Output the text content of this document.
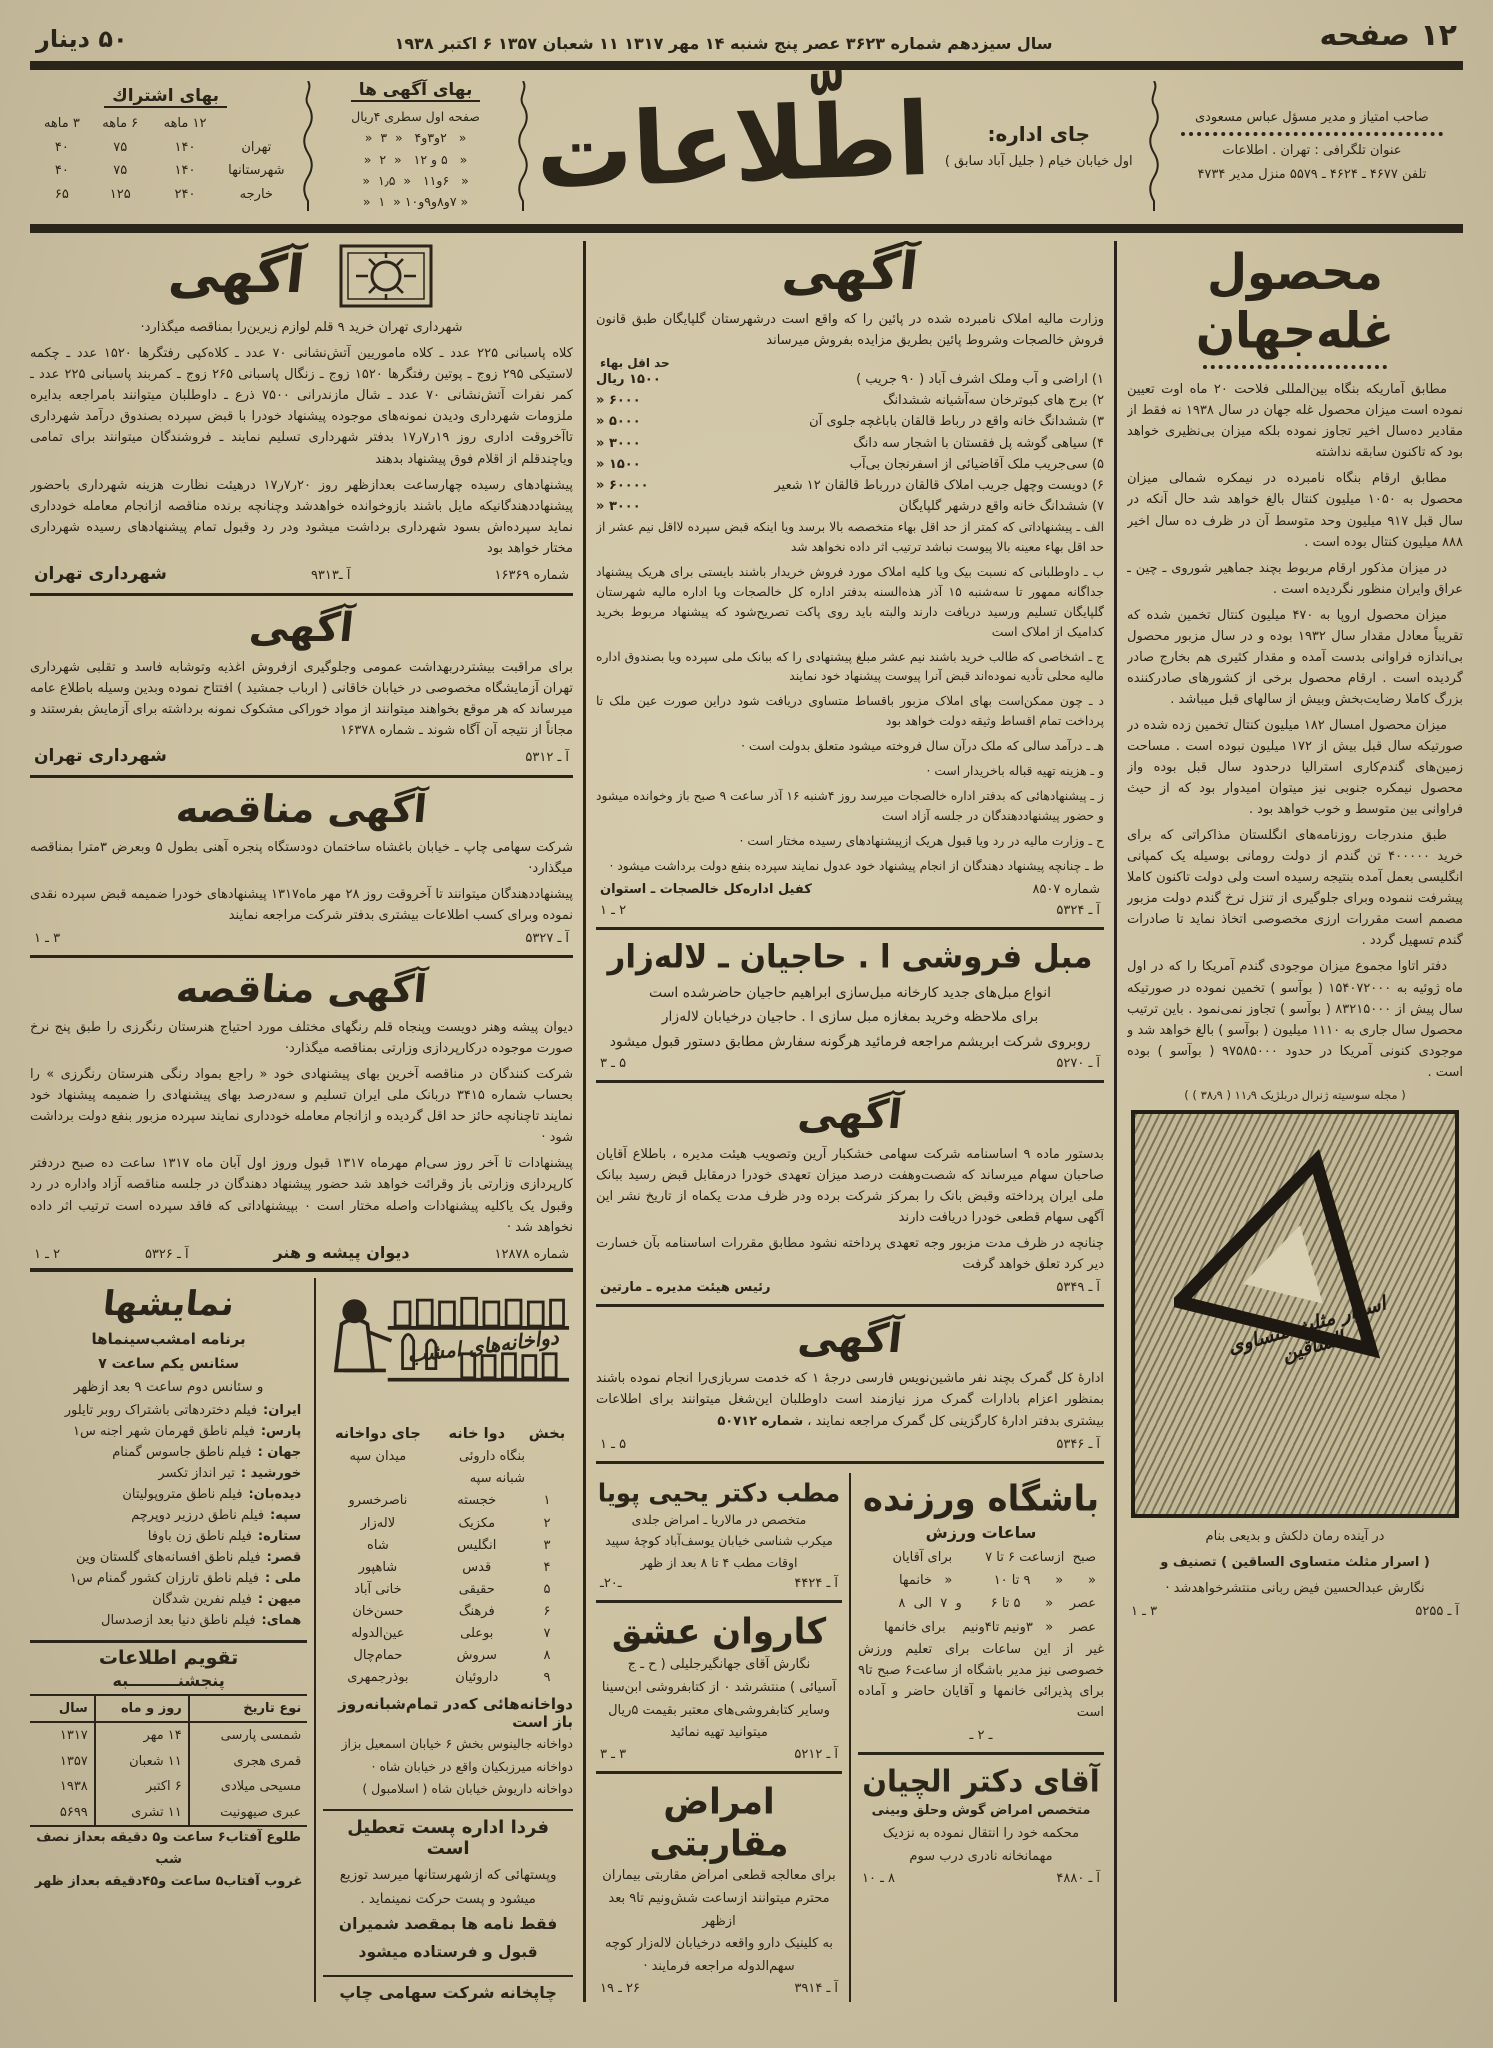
۱۲ صفحه
سال سیزدهم شماره ۳۶۲۳ عصر پنج شنبه ۱۴ مهر ۱۳۱۷ ۱۱ شعبان ۱۳۵۷ ۶ اکتبر ۱۹۳۸
۵۰ دینار
صاحب امتیاز و مدیر مسؤل عباس مسعودی
عنوان تلگرافی : تهران . اطلاعات
تلفن ۴۶۷۷ ـ ۴۶۲۴ ـ ۵۵۷۹ منزل مدیر ۴۷۳۴
جای اداره:
اول خیابان خیام ( جلیل آباد سابق )
اطّلاعات
بهای آگهی ها
صفحه اول سطری ۴ریال
«   ۲و۳و۴   «  ۳  «
«   ۵ و ۱۲   «  ۲  «
«   ۶و۱۱   «  ۱٫۵  «
« ۷و۸و۹و۱۰ «  ۱  «
بهای اشتراك
۱۲ ماهه
۶ ماهه
۳ ماهه
تهران
۱۴۰
۷۵
۴۰
شهرستانها
۱۴۰
۷۵
۴۰
خارجه
۲۴۰
۱۲۵
۶۵
محصول غله‌جهان

مطابق آماریکه بنگاه بین‌المللی فلاحت ۲۰ ماه اوت تعیین نموده است میزان محصول غله جهان در سال ۱۹۳۸ نه فقط از مقادیر ده‌سال اخیر تجاوز نموده بلکه میزان بی‌نظیری خواهد بود که تاکنون سابقه نداشته

مطابق ارقام بنگاه نامبرده در نیمکره شمالی میزان محصول به ۱۰۵۰ میلیون کنتال بالغ خواهد شد حال آنکه در سال قبل ۹۱۷ میلیون وحد متوسط آن در ظرف ده سال اخیر ۸۸۸ میلیون کنتال بوده است .

در میزان مذکور ارقام مربوط بچند جماهیر شوروی ـ چین ـ عراق وایران منظور نگردیده است .

میزان محصول اروپا به ۴۷۰ میلیون کنتال تخمین شده که تقریباً معادل مقدار سال ۱۹۳۲ بوده و در سال مزبور محصول بی‌اندازه فراوانی بدست آمده و مقدار کثیری هم بخارج صادر گردیده است . ارقام محصول برخی از کشورهای صادرکننده بزرگ کاملا رضایت‌بخش وبیش از سالهای قبل میباشد .

میزان محصول امسال ۱۸۲ میلیون کنتال تخمین زده شده در صورتیکه سال قبل بیش از ۱۷۲ میلیون نبوده است . مساحت زمین‌های گندم‌کاری استرالیا درحدود سال قبل بوده واز محصول نیمکره جنوبی نیز میتوان امیدوار بود که از حیث فراوانی بین متوسط و خوب خواهد بود .

طبق مندرجات روزنامه‌های انگلستان مذاکراتی که برای خرید ۴۰۰۰۰۰ تن گندم از دولت رومانی بوسیله یک کمپانی انگلیسی بعمل آمده بنتیجه رسیده است ولی دولت تاکنون کاملا پیشرفت ننموده وبرای جلوگیری از تنزل نرخ گندم دولت مزبور مصمم است مقررات ارزی مخصوصی اتخاذ نماید تا صادرات گندم تسهیل گردد .

دفتر اتاوا مجموع میزان موجودی گندم آمریکا را که در اول ماه ژوئیه به ۱۵۴۰۷۲۰۰۰ ( بوآسو ) تخمین نموده در صورتیکه سال پیش از ۸۳۲۱۵۰۰۰ ( بوآسو ) تجاوز نمی‌نمود . باین ترتیب محصول سال جاری به ۱۱۱۰ میلیون ( بوآسو ) بالغ خواهد شد و موجودی کنونی آمریکا در حدود ۹۷۵۸۵۰۰۰ ( بوآسو ) بوده است .

( مجله سوسیته ژنرال دربلژیک ۱۱٫۹ ( ۳۸٫۹ ) )
اسرار مثلث متساوی الساقین

در آینده رمان دلکش و بدیعی بنام

( اسرار مثلث متساوی الساقین ) تصنیف و

نگارش عبدالحسین فیض ربانی منتشرخواهدشد ·

آ ـ ۵۲۵۵
۳ ـ ۱
آگهی

وزارت مالیه املاک نامبرده شده در پائین را که واقع است درشهرستان گلپایگان طبق قانون فروش خالصجات وشروط پائین بطریق مزایده بفروش میرساند

حد اقل بهاء
۱) اراضی و آب وملک اشرف آباد ( ۹۰ جریب )
۱۵۰۰ ریال
۲) برج های کبوترخان سه‌آشیانه ششدانگ
۶۰۰۰ «
۳) ششدانگ خانه واقع در رباط قالقان باباغچه جلوی آن
۵۰۰۰ «
۴) سیاهی گوشه پل فقستان با اشجار سه دانگ
۳۰۰۰ «
۵) سی‌جریب ملک آقاضیائی از اسفرنجان بی‌آب
۱۵۰۰ «
۶) دویست وچهل جریب املاک قالقان دررباط قالقان ۱۲ شعیر
۶۰۰۰۰ «
۷) ششدانگ خانه واقع درشهر گلپایگان
۳۰۰۰ «

الف ـ پیشنهاداتی که کمتر از حد اقل بهاء متخصصه بالا برسد ویا اینکه قبض سپرده لااقل نیم عشر از حد اقل بهاء معینه بالا پیوست نباشد ترتیب اثر داده نخواهد شد

ب ـ داوطلبانی که نسبت بیک ویا کلیه املاک مورد فروش خریدار باشند بایستی برای هریک پیشنهاد جداگانه ممهور تا سه‌شنبه ۱۵ آذر هذه‌السنه بدفتر اداره کل خالصجات ویا اداره مالیه شهرستان گلپایگان تسلیم ورسید دریافت دارند والبته باید روی پاکت تصریح‌شود که پیشنهاد مربوط بخرید کدامیک از املاک است

ج ـ اشخاصی که طالب خرید باشند نیم عشر مبلغ پیشنهادی را که ببانک ملی سپرده ویا بصندوق اداره مالیه محلی تأدیه نموده‌اند قبض آنرا پیوست پیشنهاد خود نمایند

د ـ چون ممکن‌است بهای املاک مزبور باقساط متساوی دریافت شود دراین صورت عین ملک تا پرداخت تمام اقساط وثیقه دولت خواهد بود

هـ ـ درآمد سالی که ملک درآن سال فروخته میشود متعلق بدولت است ·

و ـ هزینه تهیه قباله باخریدار است ·

ز ـ پیشنهادهائی که بدفتر اداره خالصجات میرسد روز ۴شنبه ۱۶ آذر ساعت ۹ صبح باز وخوانده میشود و حضور پیشنهاددهندگان در جلسه آزاد است

ح ـ وزارت مالیه در رد ویا قبول هریک ازپیشنهادهای رسیده مختار است ·

ط ـ چنانچه پیشنهاد دهندگان از انجام پیشنهاد خود عدول نمایند سپرده بنفع دولت برداشت میشود ·

شماره ۸۵۰۷
کفیل اداره‌کل خالصجات ـ استوان
آ ـ ۵۳۲۴
۲ ـ ۱
مبل فروشی ا . حاجیان ـ لاله‌زار
انواع مبل‌های جدید کارخانه مبل‌سازی ابراهیم حاجیان حاضرشده است
برای ملاحظه وخرید بمغازه مبل سازی ا . حاجیان درخیابان لاله‌زار
روبروی شرکت ابریشم مراجعه فرمائید هرگونه سفارش مطابق دستور قبول میشود
آ ـ ۵۲۷۰
۵ ـ ۳
آگهی

بدستور ماده ۹ اساسنامه شرکت سهامی خشکبار آرین وتصویب هیئت مدیره ، باطلاع آقایان صاحبان سهام میرساند که شصت‌وهفت درصد میزان تعهدی خودرا درمقابل قبض رسید ببانک ملی ایران پرداخته وقبض بانک را بمرکز شرکت برده ودر ظرف مدت یکماه از تاریخ نشر این آگهی سهام قطعی خودرا دریافت دارند

چنانچه در ظرف مدت مزبور وجه تعهدی پرداخته نشود مطابق مقررات اساسنامه بآن خسارت دیر کرد تعلق خواهد گرفت

آ ـ ۵۳۴۹
رئیس هیئت مدیره ـ مارتین
آگهی

ادارهٔ کل گمرک بچند نفر ماشین‌نویس فارسی درجهٔ ۱ که خدمت سربازی‌را انجام نموده باشند بمنظور اعزام بادارات گمرک مرز نیازمند است داوطلبان این‌شغل میتوانند برای اطلاعات بیشتری بدفتر ادارهٔ کارگزینی کل گمرک مراجعه نمایند ، شماره ۵۰۷۱۲

آ ـ ۵۳۴۶
۵ ـ ۱
باشگاه ورزنده
ساعات ورزش
صبح  ازساعت ۶ تا ۷        برای آقایان
«      «      ۹ تا ۱۰          «   خانمها
عصر    «      ۵ تا ۶       و  ۷  الی  ۸
عصر    «   ۳ونیم تا۴ونیم    برای خانمها

غیر از این ساعات برای تعلیم ورزش خصوصی نیز مدیر باشگاه از ساعت۶ صبح تا۹ برای پذیرائی خانمها و آقایان حاضر و آماده است

ـ ۲ ـ
آقای دکتر الچیان
متخصص امراض گوش وحلق وبینی
محکمه خود را انتقال نموده به نزدیک
مهمانخانه نادری درب سوم
آ ـ ۴۸۸۰
۸ ـ ۱۰
مطب دکتر یحیی پویا
متخصص در مالاریا ـ امراض جلدی
میکرب شناسی خیابان یوسف‌آباد کوچهٔ سپید
اوقات مطب ۴ تا ۸ بعد از ظهر
آ ـ ۴۴۲۴
ـ۲۰ـ
کاروان عشق
نگارش آقای جهانگیرجلیلی ( ح ـ ج
آسیائی ) منتشرشد ۰ از کتابفروشی ابن‌سینا
وسایر کتابفروشی‌های معتبر بقیمت ۵ریال
میتوانید تهیه نمائید
آ ـ ۵۲۱۲
۳ ـ ۳
امراض مقاربتی
برای معالجه قطعی امراض مقاربتی بیماران
محترم میتوانند ازساعت شش‌ونیم تا۹ بعد ازظهر
به کلینیک دارو واقعه درخیابان لاله‌زار کوچه
سهم‌الدوله مراجعه فرمایند ·
آ ـ ۳۹۱۴
۲۶ ـ ۱۹
آگهی

شهرداری تهران خرید ۹ قلم لوازم زیرین‌را بمناقصه میگذارد·

کلاه پاسبانی ۲۲۵ عدد ـ کلاه ماموریین آتش‌نشانی ۷۰ عدد ـ کلاه‌کپی رفتگرها ۱۵۲۰ عدد ـ چکمه لاستیکی ۲۹۵ زوج ـ پوتین رفتگرها ۱۵۲۰ زوج ـ زنگال پاسبانی ۲۶۵ زوج ـ کمربند پاسبانی ۲۲۵ عدد ـ کمر نفرات آتش‌نشانی ۷۰ عدد ـ شال مازندرانی ۷۵۰۰ ذرع ـ داوطلبان میتوانند بامراجعه بدایره ملزومات شهرداری ودیدن نمونه‌های موجوده پیشنهاد خودرا با قبض سپرده بصندوق درآمد شهرداری تاآخروقت اداری روز ۱۹ر۷ر۱۷ بدفتر شهرداری تسلیم نمایند ـ فروشندگان میتوانند برای تمامی ویاچندقلم از اقلام فوق پیشنهاد بدهند

پیشنهادهای رسیده چهارساعت بعدازظهر روز ۲۰ر۷ر۱۷ درهیئت نظارت هزینه شهرداری باحضور پیشنهاددهندگانیکه مایل باشند بازوخوانده خواهدشد وچنانچه برنده مناقصه ازانجام معامله خودداری نماید سپرده‌اش بسود شهرداری برداشت میشود ودر رد وقبول تمام پیشنهادهای رسیده شهرداری مختار خواهد بود

شماره ۱۶۳۶۹
آ ـ۹۳۱۳
شهرداری تهران
آگهی

برای مراقبت بیشتردربهداشت عمومی وجلوگیری ازفروش اغذیه وتوشابه فاسد و تقلبی شهرداری تهران آزمایشگاه مخصوصی در خیابان خاقانی ( ارباب جمشید ) افتتاح نموده وبدین وسیله باطلاع عامه میرساند که هر موقع بخواهند میتوانند از مواد خوراکی مشکوک نمونه برداشته برای آزمایش بفرستند و مجاناً از نتیجه آن آگاه شوند ـ شماره ۱۶۳۷۸

آ ـ ۵۳۱۲
شهرداری تهران
آگهی مناقصه

شرکت سهامی چاپ ـ خیابان باغشاه ساختمان دودستگاه پنجره آهنی بطول ۵ وبعرض ۳مترا بمناقصه میگذارد·

پیشنهاددهندگان میتوانند تا آخروقت روز ۲۸ مهر ماه۱۳۱۷ پیشنهادهای خودرا ضمیمه قبض سپرده نقدی نموده وبرای کسب اطلاعات بیشتری بدفتر شرکت مراجعه نمایند

آ ـ ۵۳۲۷
۳ ـ ۱
آگهی مناقصه

دیوان پیشه وهنر دویست وپنجاه قلم رنگهای مختلف مورد احتیاج هنرستان رنگرزی را طبق پنج نرخ صورت موجوده درکارپردازی وزارتی بمناقصه میگذارد·

شرکت کنندگان در مناقصه آخرین بهای پیشنهادی خود « راجع بمواد رنگی هنرستان رنگرزی » را بحساب شماره ۳۴۱۵ دربانک ملی ایران تسلیم و سه‌درصد بهای پیشنهادی را ضمیمه پیشنهاد خود نمایند تاچنانچه حائز حد اقل گردیده و ازانجام معامله خودداری نمایند سپرده مزبور بنفع دولت برداشت شود ·

پیشنهادات تا آخر روز سی‌ام مهرماه ۱۳۱۷ قبول وروز اول آبان ماه ۱۳۱۷ ساعت ده صبح دردفتر کارپردازی وزارتی باز وقرائت خواهد شد حضور پیشنهاد دهندگان در جلسه مناقصه آزاد واداره در رد وقبول یک یاکلیه پیشنهادات واصله مختار است ۰ بپیشنهاداتی که فاقد سپرده است ترتیب اثر داده نخواهد شد ·

شماره ۱۲۸۷۸
دیوان پیشه و هنر
آ ـ ۵۳۲۶
۲ ـ ۱
دواخانه‌های امشب
بخش
دوا خانه
جای دواخانه
بنگاه داروئی شبانه سپه
میدان سپه
۱
خجسته
ناصرخسرو
۲
مکزیک
لاله‌زار
۳
انگلیس
شاه
۴
قدس
شاهپور
۵
حقیقی
خانی آباد
۶
فرهنگ
حسن‌خان
۷
بوعلی
عین‌الدوله
۸
سروش
حمام‌چال
۹
داروئیان
بوذرجمهری
دواخانه‌هائی که‌در تمام‌شبانه‌روز باز است
دواخانه جالینوس بخش ۶ خیابان اسمعیل بزاز
دواخانه میرزبکیان واقع در خیابان شاه ·
دواخانه داریوش خیابان شاه ( اسلامبول )
فردا اداره پست تعطیل است
وپستهائی که ازشهرستانها میرسد توزیع
میشود و پست حرکت نمینماید .
فقط نامه ها بمقصد شمیران
قبول و فرستاده میشود
چاپخانه شرکت سهامی چاپ
نمایشها
برنامه امشب‌سینماها
سئانس یکم ساعت ۷
و سئانس دوم ساعت ۹ بعد ازظهر
ایران:
فیلم دختردهاتی باشتراک روبر تایلور
پارس:
فیلم ناطق قهرمان شهر اجنه س۱
جهان :
فیلم ناطق جاسوس گمنام
خورشید :
تیر انداز تکسر
دیده‌بان:
فیلم ناطق متروپولیتان
سپه:
فیلم ناطق درزیر دوپرچم
ستاره:
فیلم ناطق زن باوفا
قصر:
فیلم ناطق افسانه‌های گلستان وین
ملی :
فیلم ناطق تارزان کشور گمنام س۱
میهن :
فیلم نفرین شدگان
همای:
فیلم ناطق دنیا بعد ازصدسال
تقویم اطلاعات
پنجشنـــــــــبه
نوع تاریخ
روز و ماه
سال
شمسی پارسی
۱۴ مهر
۱۳۱۷
قمری هجری
۱۱ شعبان
۱۳۵۷
مسیحی میلادی
۶ اکتبر
۱۹۳۸
عبری صیهونیت
۱۱ تشری
۵۶۹۹
طلوع آفتاب۶ ساعت و۵ دقیقه بعداز نصف شب
غروب آفتاب۵ ساعت و۴۵دقیقه بعداز ظهر
